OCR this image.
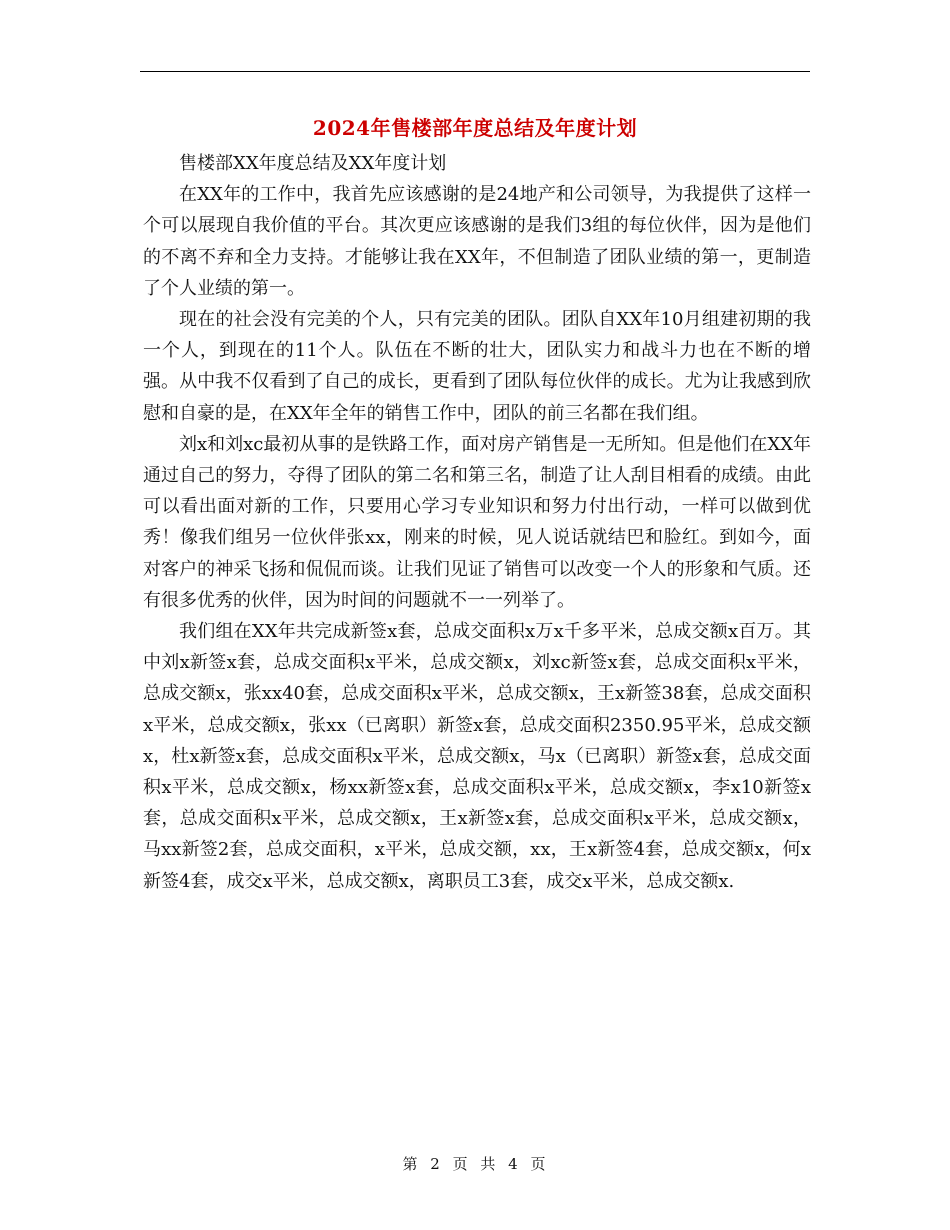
2024年售楼部年度总结及年度计划

售楼部XX年度总结及XX年度计划

在XX年的工作中，我首先应该感谢的是24地产和公司领导，为我提供了这样一个可以展现自我价值的平台。其次更应该感谢的是我们3组的每位伙伴，因为是他们的不离不弃和全力支持。才能够让我在XX年，不但制造了团队业绩的第一，更制造了个人业绩的第一。

现在的社会没有完美的个人，只有完美的团队。团队自XX年10月组建初期的我一个人，到现在的11个人。队伍在不断的壮大，团队实力和战斗力也在不断的增强。从中我不仅看到了自己的成长，更看到了团队每位伙伴的成长。尤为让我感到欣慰和自豪的是，在XX年全年的销售工作中，团队的前三名都在我们组。

刘x和刘xc最初从事的是铁路工作，面对房产销售是一无所知。但是他们在XX年通过自己的努力，夺得了团队的第二名和第三名，制造了让人刮目相看的成绩。由此可以看出面对新的工作，只要用心学习专业知识和努力付出行动，一样可以做到优秀！像我们组另一位伙伴张xx，刚来的时候，见人说话就结巴和脸红。到如今，面对客户的神采飞扬和侃侃而谈。让我们见证了销售可以改变一个人的形象和气质。还有很多优秀的伙伴，因为时间的问题就不一一列举了。

我们组在XX年共完成新签x套，总成交面积x万x千多平米，总成交额x百万。其中刘x新签x套，总成交面积x平米，总成交额x，刘xc新签x套，总成交面积x平米，总成交额x，张xx40套，总成交面积x平米，总成交额x，王x新签38套，总成交面积x平米，总成交额x，张xx（已离职）新签x套，总成交面积2350.95平米，总成交额x，杜x新签x套，总成交面积x平米，总成交额x，马x（已离职）新签x套，总成交面积x平米，总成交额x，杨xx新签x套，总成交面积x平米，总成交额x，李x10新签x套，总成交面积x平米，总成交额x，王x新签x套，总成交面积x平米，总成交额x，马xx新签2套，总成交面积，x平米，总成交额，xx，王x新签4套，总成交额x，何x新签4套，成交x平米，总成交额x，离职员工3套，成交x平米，总成交额x.

第 2 页 共 4 页
